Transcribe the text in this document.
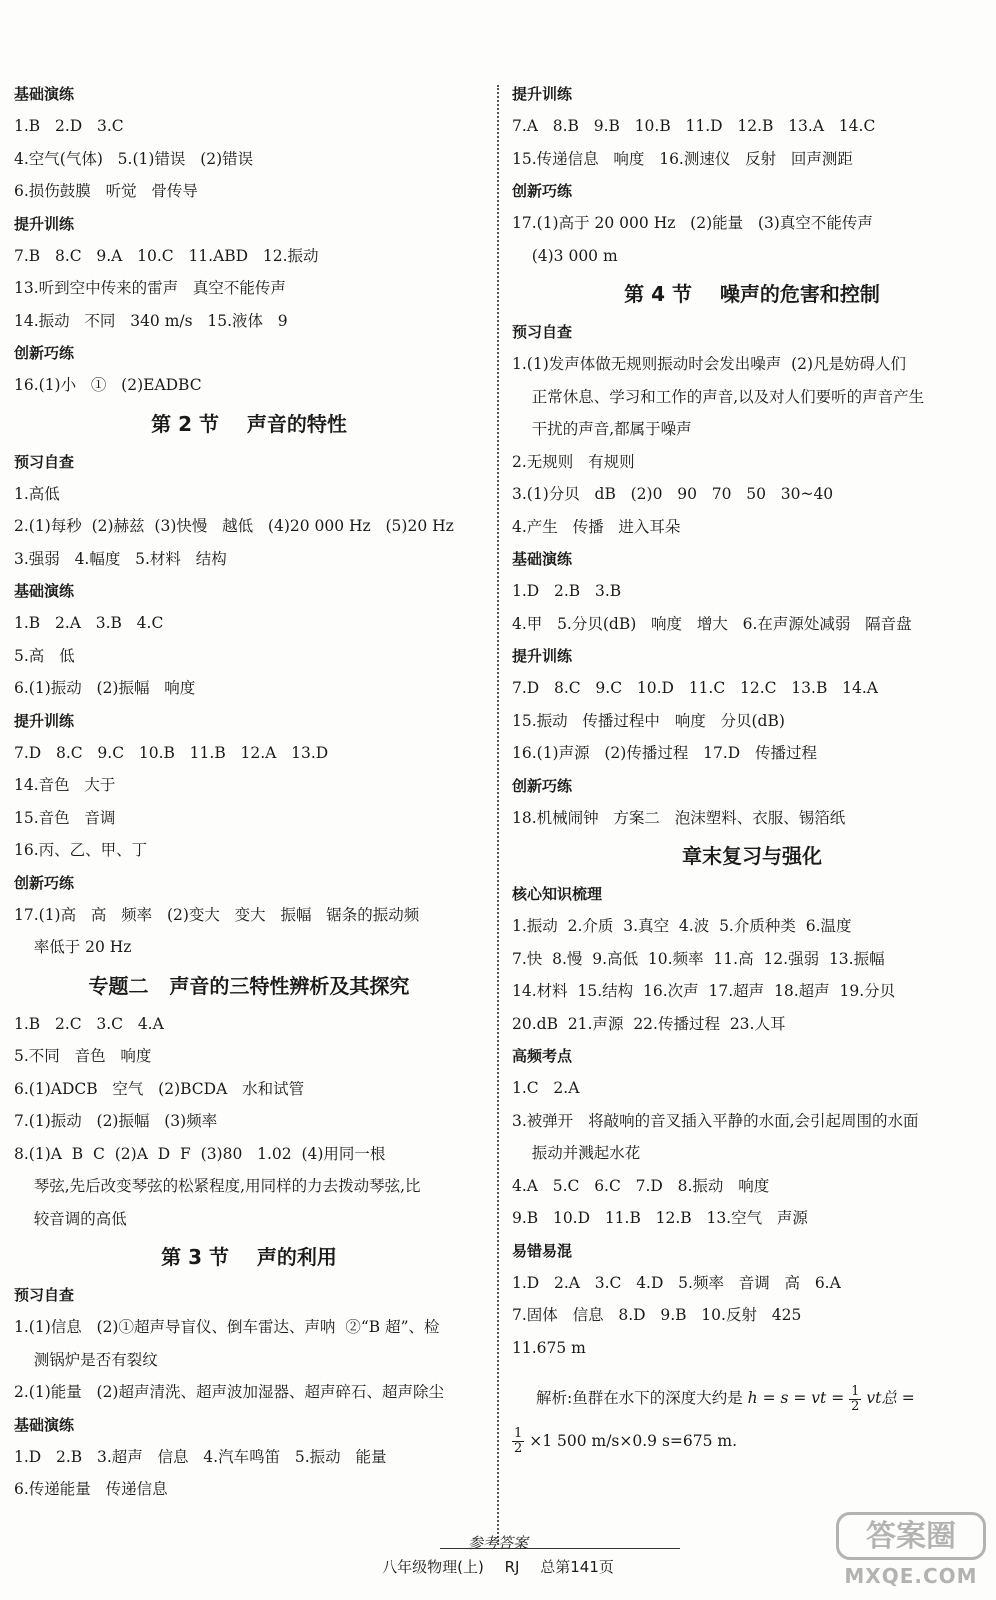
基础演练

1.B   2.D   3.C

4.空气(气体)   5.(1)错误   (2)错误

6.损伤鼓膜   听觉   骨传导

提升训练

7.B   8.C   9.A   10.C   11.ABD   12.振动

13.听到空中传来的雷声   真空不能传声

14.振动   不同   340 m/s   15.液体   9

创新巧练

16.(1)小   ①   (2)EADBC

第 2 节    声音的特性

预习自查

1.高低

2.(1)每秒  (2)赫兹  (3)快慢   越低   (4)20 000 Hz   (5)20 Hz

3.强弱   4.幅度   5.材料   结构

基础演练

1.B   2.A   3.B   4.C

5.高   低

6.(1)振动   (2)振幅   响度

提升训练

7.D   8.C   9.C   10.B   11.B   12.A   13.D

14.音色   大于

15.音色   音调

16.丙、乙、甲、丁

创新巧练

17.(1)高   高   频率   (2)变大   变大   振幅   锯条的振动频

率低于 20 Hz

专题二   声音的三特性辨析及其探究

1.B   2.C   3.C   4.A

5.不同   音色   响度

6.(1)ADCB   空气   (2)BCDA   水和试管

7.(1)振动   (2)振幅   (3)频率

8.(1)A  B  C  (2)A  D  F  (3)80   1.02  (4)用同一根

琴弦,先后改变琴弦的松紧程度,用同样的力去拨动琴弦,比

较音调的高低

第 3 节    声的利用

预习自查

1.(1)信息   (2)①超声导盲仪、倒车雷达、声呐  ②“B 超”、检

测锅炉是否有裂纹

2.(1)能量   (2)超声清洗、超声波加湿器、超声碎石、超声除尘

基础演练

1.D   2.B   3.超声   信息   4.汽车鸣笛   5.振动   能量

6.传递能量   传递信息

提升训练

7.A   8.B   9.B   10.B   11.D   12.B   13.A   14.C

15.传递信息   响度   16.测速仪   反射   回声测距

创新巧练

17.(1)高于 20 000 Hz   (2)能量   (3)真空不能传声

(4)3 000 m

第 4 节    噪声的危害和控制

预习自查

1.(1)发声体做无规则振动时会发出噪声  (2)凡是妨碍人们

正常休息、学习和工作的声音,以及对人们要听的声音产生

干扰的声音,都属于噪声

2.无规则   有规则

3.(1)分贝   dB   (2)0   90   70   50   30~40

4.产生   传播   进入耳朵

基础演练

1.D   2.B   3.B

4.甲   5.分贝(dB)   响度   增大   6.在声源处减弱   隔音盘

提升训练

7.D   8.C   9.C   10.D   11.C   12.C   13.B   14.A

15.振动   传播过程中   响度   分贝(dB)

16.(1)声源   (2)传播过程   17.D   传播过程

创新巧练

18.机械闹钟   方案二   泡沫塑料、衣服、锡箔纸

章末复习与强化

核心知识梳理

1.振动  2.介质  3.真空  4.波  5.介质种类  6.温度

7.快  8.慢  9.高低  10.频率  11.高  12.强弱  13.振幅

14.材料  15.结构  16.次声  17.超声  18.超声  19.分贝

20.dB  21.声源  22.传播过程  23.人耳

高频考点

1.C   2.A

3.被弹开   将敲响的音叉插入平静的水面,会引起周围的水面

振动并溅起水花

4.A   5.C   6.C   7.D   8.振动   响度

9.B   10.D   11.B   12.B   13.空气   声源

易错易混

1.D   2.A   3.C   4.D   5.频率   音调   高   6.A

7.固体   信息   8.D   9.B   10.反射   425

11.675 m

解析:鱼群在水下的深度大约是 h = s = vt = $\frac{1}{2}$ vt总 =

$\frac{1}{2} \times 1$ 500 m/s×0.9 s=675 m.

参考答案
八年级物理(上) RJ 总第141页
答案圈
MXQE.COM
